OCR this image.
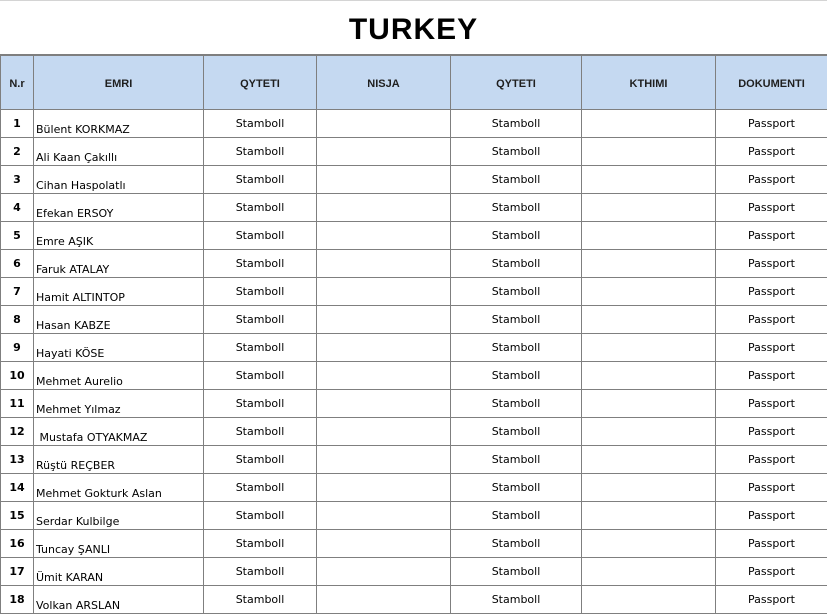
TURKEY
N.r	EMRI	QYTETI	NISJA	QYTETI	KTHIMI	DOKUMENTI

1	Bülent KORKMAZ	Stamboll		Stamboll		Passport
2	Ali Kaan Çakıllı	Stamboll		Stamboll		Passport
3	Cihan Haspolatlı	Stamboll		Stamboll		Passport
4	Efekan ERSOY	Stamboll		Stamboll		Passport
5	Emre AŞIK	Stamboll		Stamboll		Passport
6	Faruk ATALAY	Stamboll		Stamboll		Passport
7	Hamit ALTINTOP	Stamboll		Stamboll		Passport
8	Hasan KABZE	Stamboll		Stamboll		Passport
9	Hayati KÖSE	Stamboll		Stamboll		Passport
10	Mehmet Aurelio	Stamboll		Stamboll		Passport
11	Mehmet Yılmaz	Stamboll		Stamboll		Passport
12	Mustafa OTYAKMAZ	Stamboll		Stamboll		Passport
13	Rüştü REÇBER	Stamboll		Stamboll		Passport
14	Mehmet Gokturk Aslan	Stamboll		Stamboll		Passport
15	Serdar Kulbilge	Stamboll		Stamboll		Passport
16	Tuncay ŞANLI	Stamboll		Stamboll		Passport
17	Ümit KARAN	Stamboll		Stamboll		Passport
18	Volkan ARSLAN	Stamboll		Stamboll		Passport
